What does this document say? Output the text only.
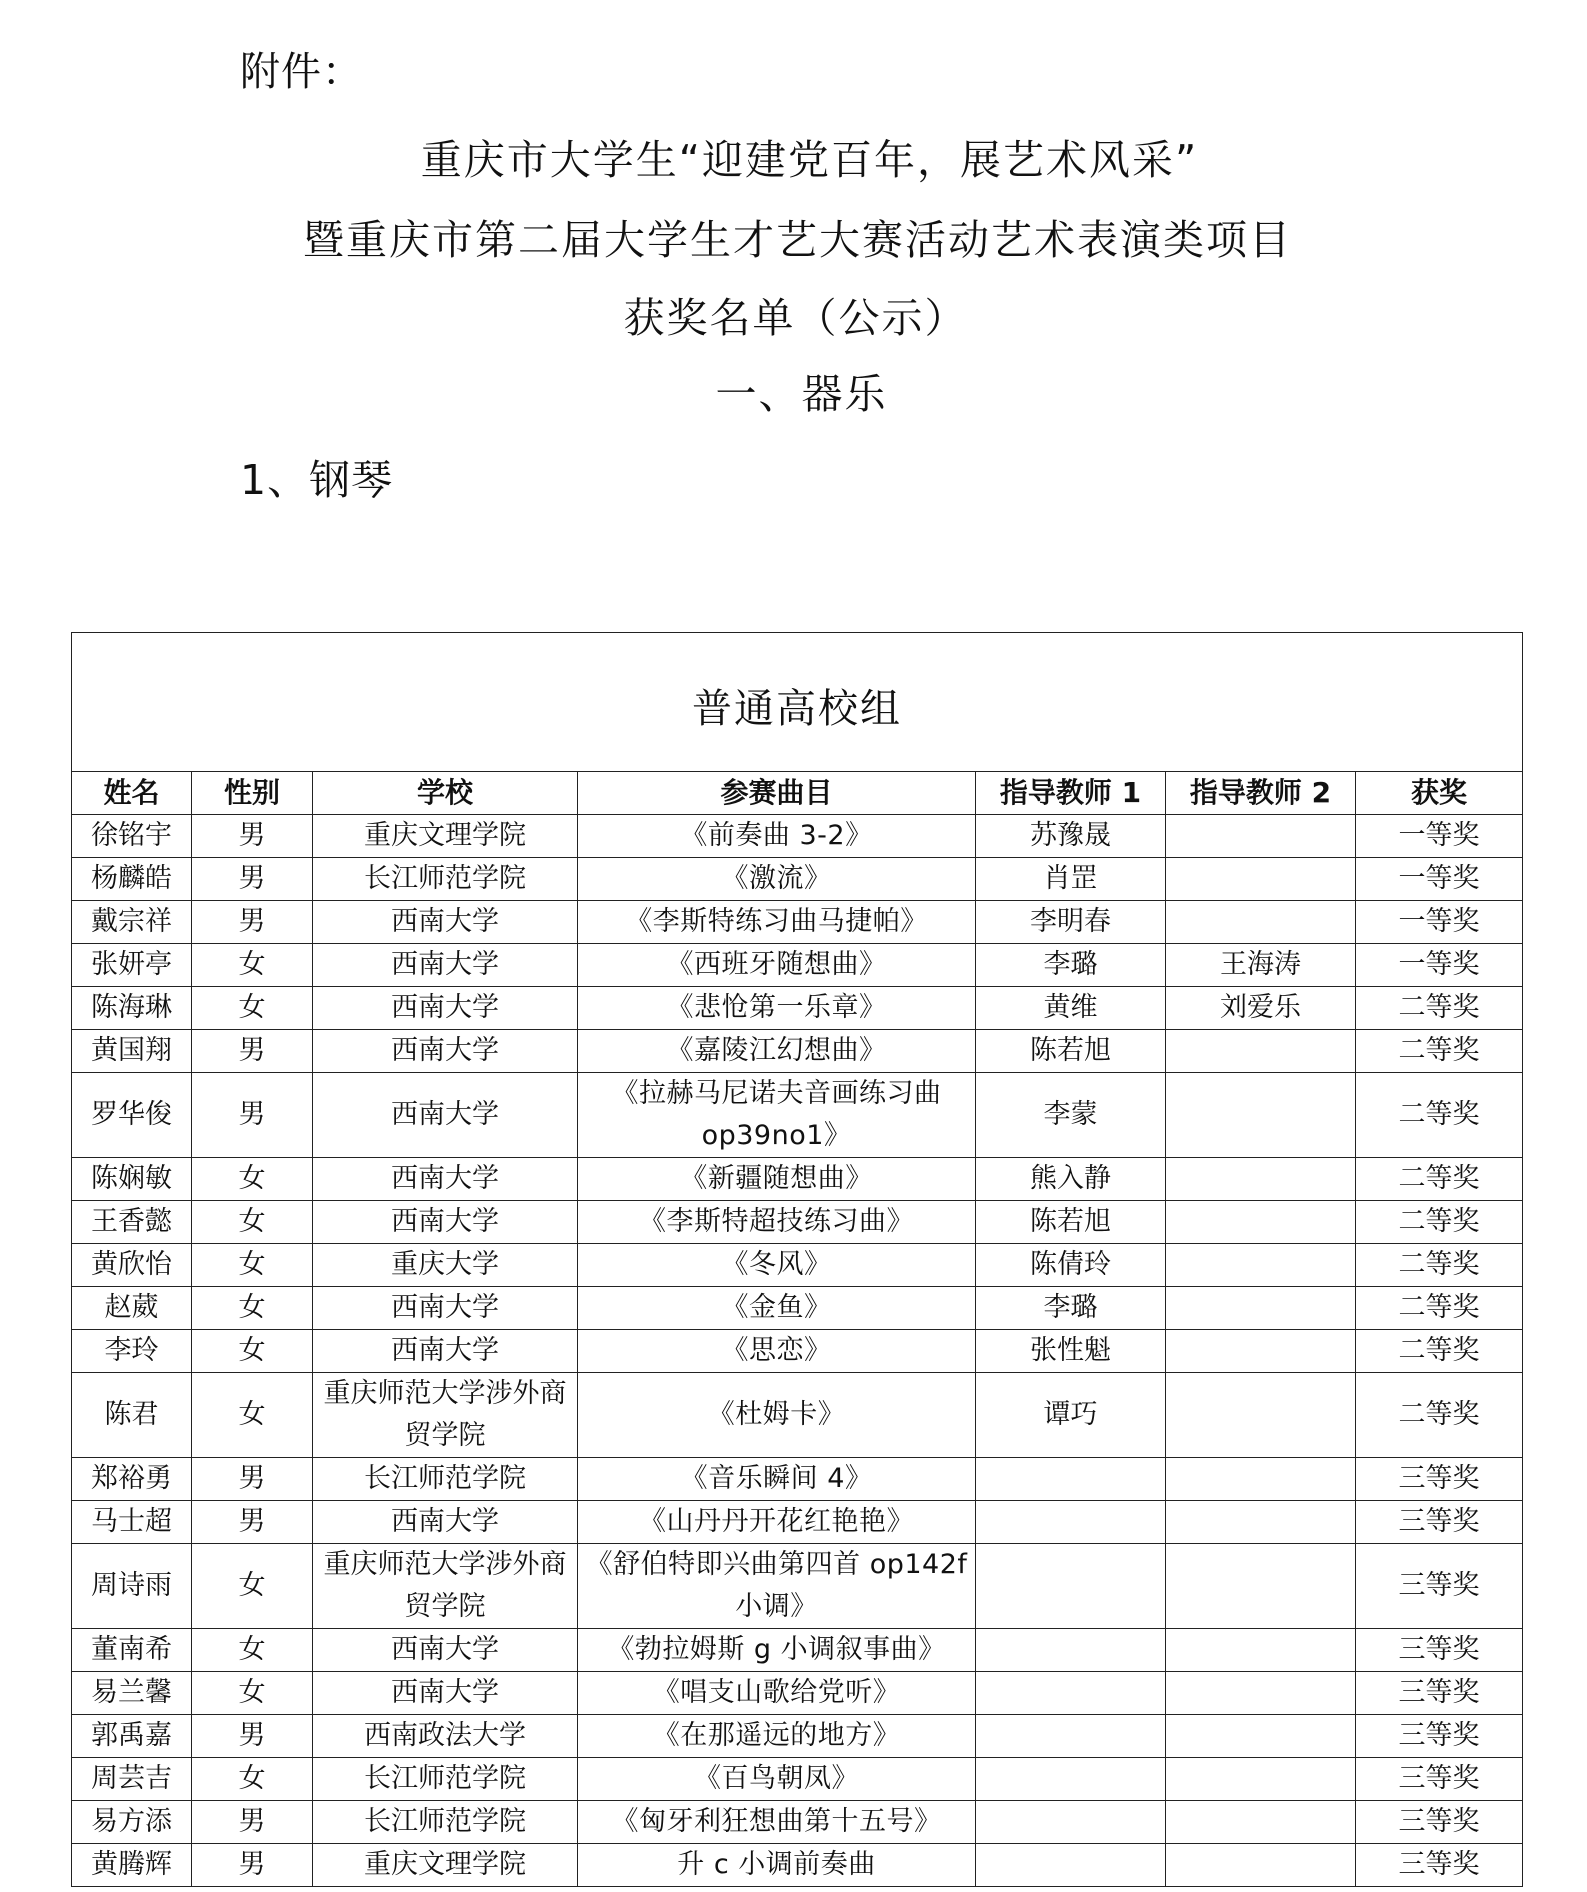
附件：
重庆市大学生“迎建党百年，展艺术风采”
暨重庆市第二届大学生才艺大赛活动艺术表演类项目
获奖名单（公示）
一、器乐
1、钢琴
普通高校组						
姓名	性别	学校	参赛曲目	指导教师 1	指导教师 2	获奖
徐铭宇	男	重庆文理学院	《前奏曲 3-2》	苏豫晟		一等奖
杨麟皓	男	长江师范学院	《激流》	肖罡		一等奖
戴宗祥	男	西南大学	《李斯特练习曲马捷帕》	李明春		一等奖
张妍亭	女	西南大学	《西班牙随想曲》	李璐	王海涛	一等奖
陈海琳	女	西南大学	《悲怆第一乐章》	黄维	刘爱乐	二等奖
黄国翔	男	西南大学	《嘉陵江幻想曲》	陈若旭		二等奖
罗华俊	男	西南大学	《拉赫马尼诺夫音画练习曲 op39no1》	李蒙		二等奖
陈娴敏	女	西南大学	《新疆随想曲》	熊入静		二等奖
王香懿	女	西南大学	《李斯特超技练习曲》	陈若旭		二等奖
黄欣怡	女	重庆大学	《冬风》	陈倩玲		二等奖
赵葳	女	西南大学	《金鱼》	李璐		二等奖
李玲	女	西南大学	《思恋》	张性魁		二等奖
陈君	女	重庆师范大学涉外商贸学院	《杜姆卡》	谭巧		二等奖
郑裕勇	男	长江师范学院	《音乐瞬间 4》			三等奖
马士超	男	西南大学	《山丹丹开花红艳艳》			三等奖
周诗雨	女	重庆师范大学涉外商贸学院	《舒伯特即兴曲第四首 op142f 小调》			三等奖
董南希	女	西南大学	《勃拉姆斯 g 小调叙事曲》			三等奖
易兰馨	女	西南大学	《唱支山歌给党听》			三等奖
郭禹嘉	男	西南政法大学	《在那遥远的地方》			三等奖
周芸吉	女	长江师范学院	《百鸟朝凤》			三等奖
易方添	男	长江师范学院	《匈牙利狂想曲第十五号》			三等奖
黄腾辉	男	重庆文理学院	升 c 小调前奏曲			三等奖
